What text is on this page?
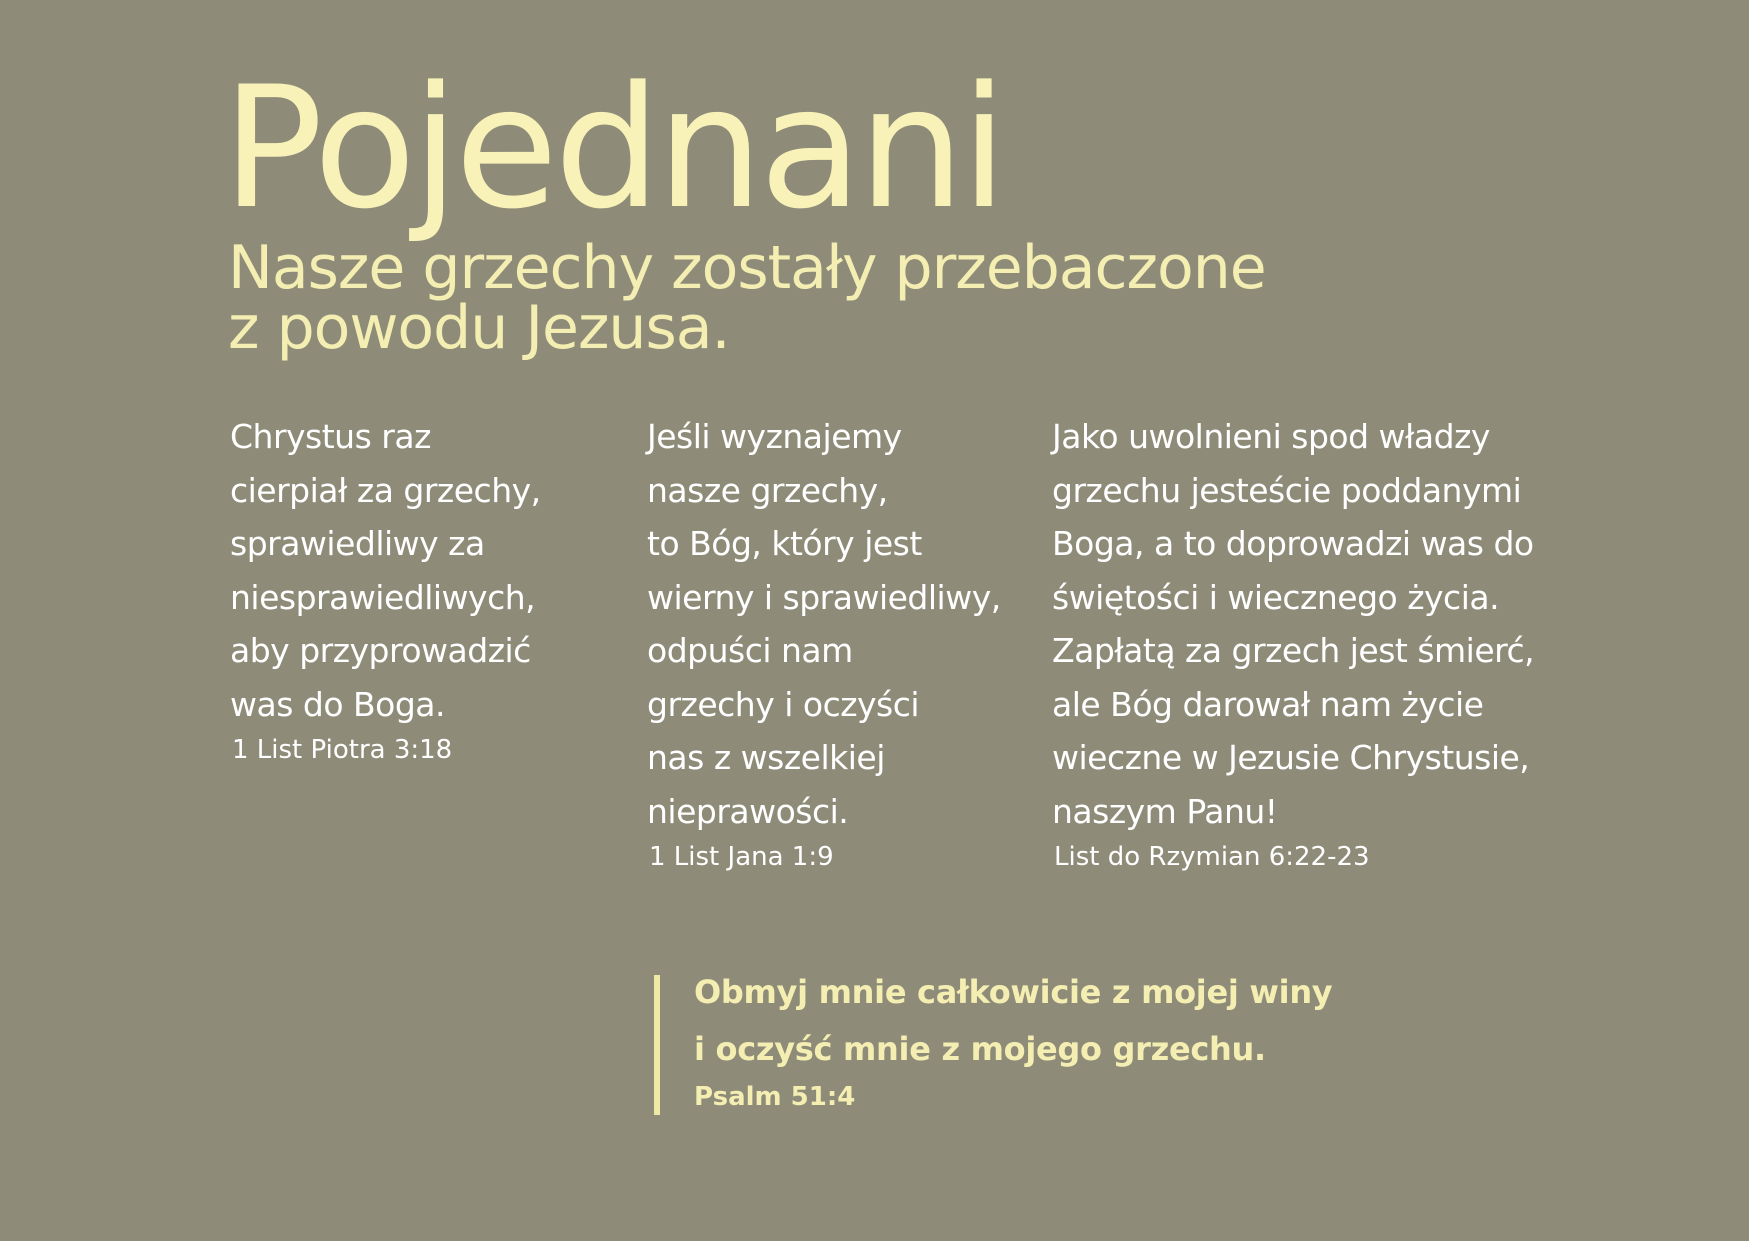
Pojednani
Nasze grzechy zostały przebaczone
z powodu Jezusa.

Chrystus raz
cierpiał za grzechy,
sprawiedliwy za
niesprawiedliwych,
aby przyprowadzić
was do Boga.

1 List Piotra 3:18

Jeśli wyznajemy
nasze grzechy,
to Bóg, który jest
wierny i sprawiedliwy,
odpuści nam
grzechy i oczyści
nas z wszelkiej
nieprawości.

1 List Jana 1:9

Jako uwolnieni spod władzy
grzechu jesteście poddanymi
Boga, a to doprowadzi was do
świętości i wiecznego życia.
Zapłatą za grzech jest śmierć,
ale Bóg darował nam życie
wieczne w Jezusie Chrystusie,
naszym Panu!

List do Rzymian 6:22-23

Obmyj mnie całkowicie z mojej winy
i oczyść mnie z mojego grzechu.

Psalm 51:4
